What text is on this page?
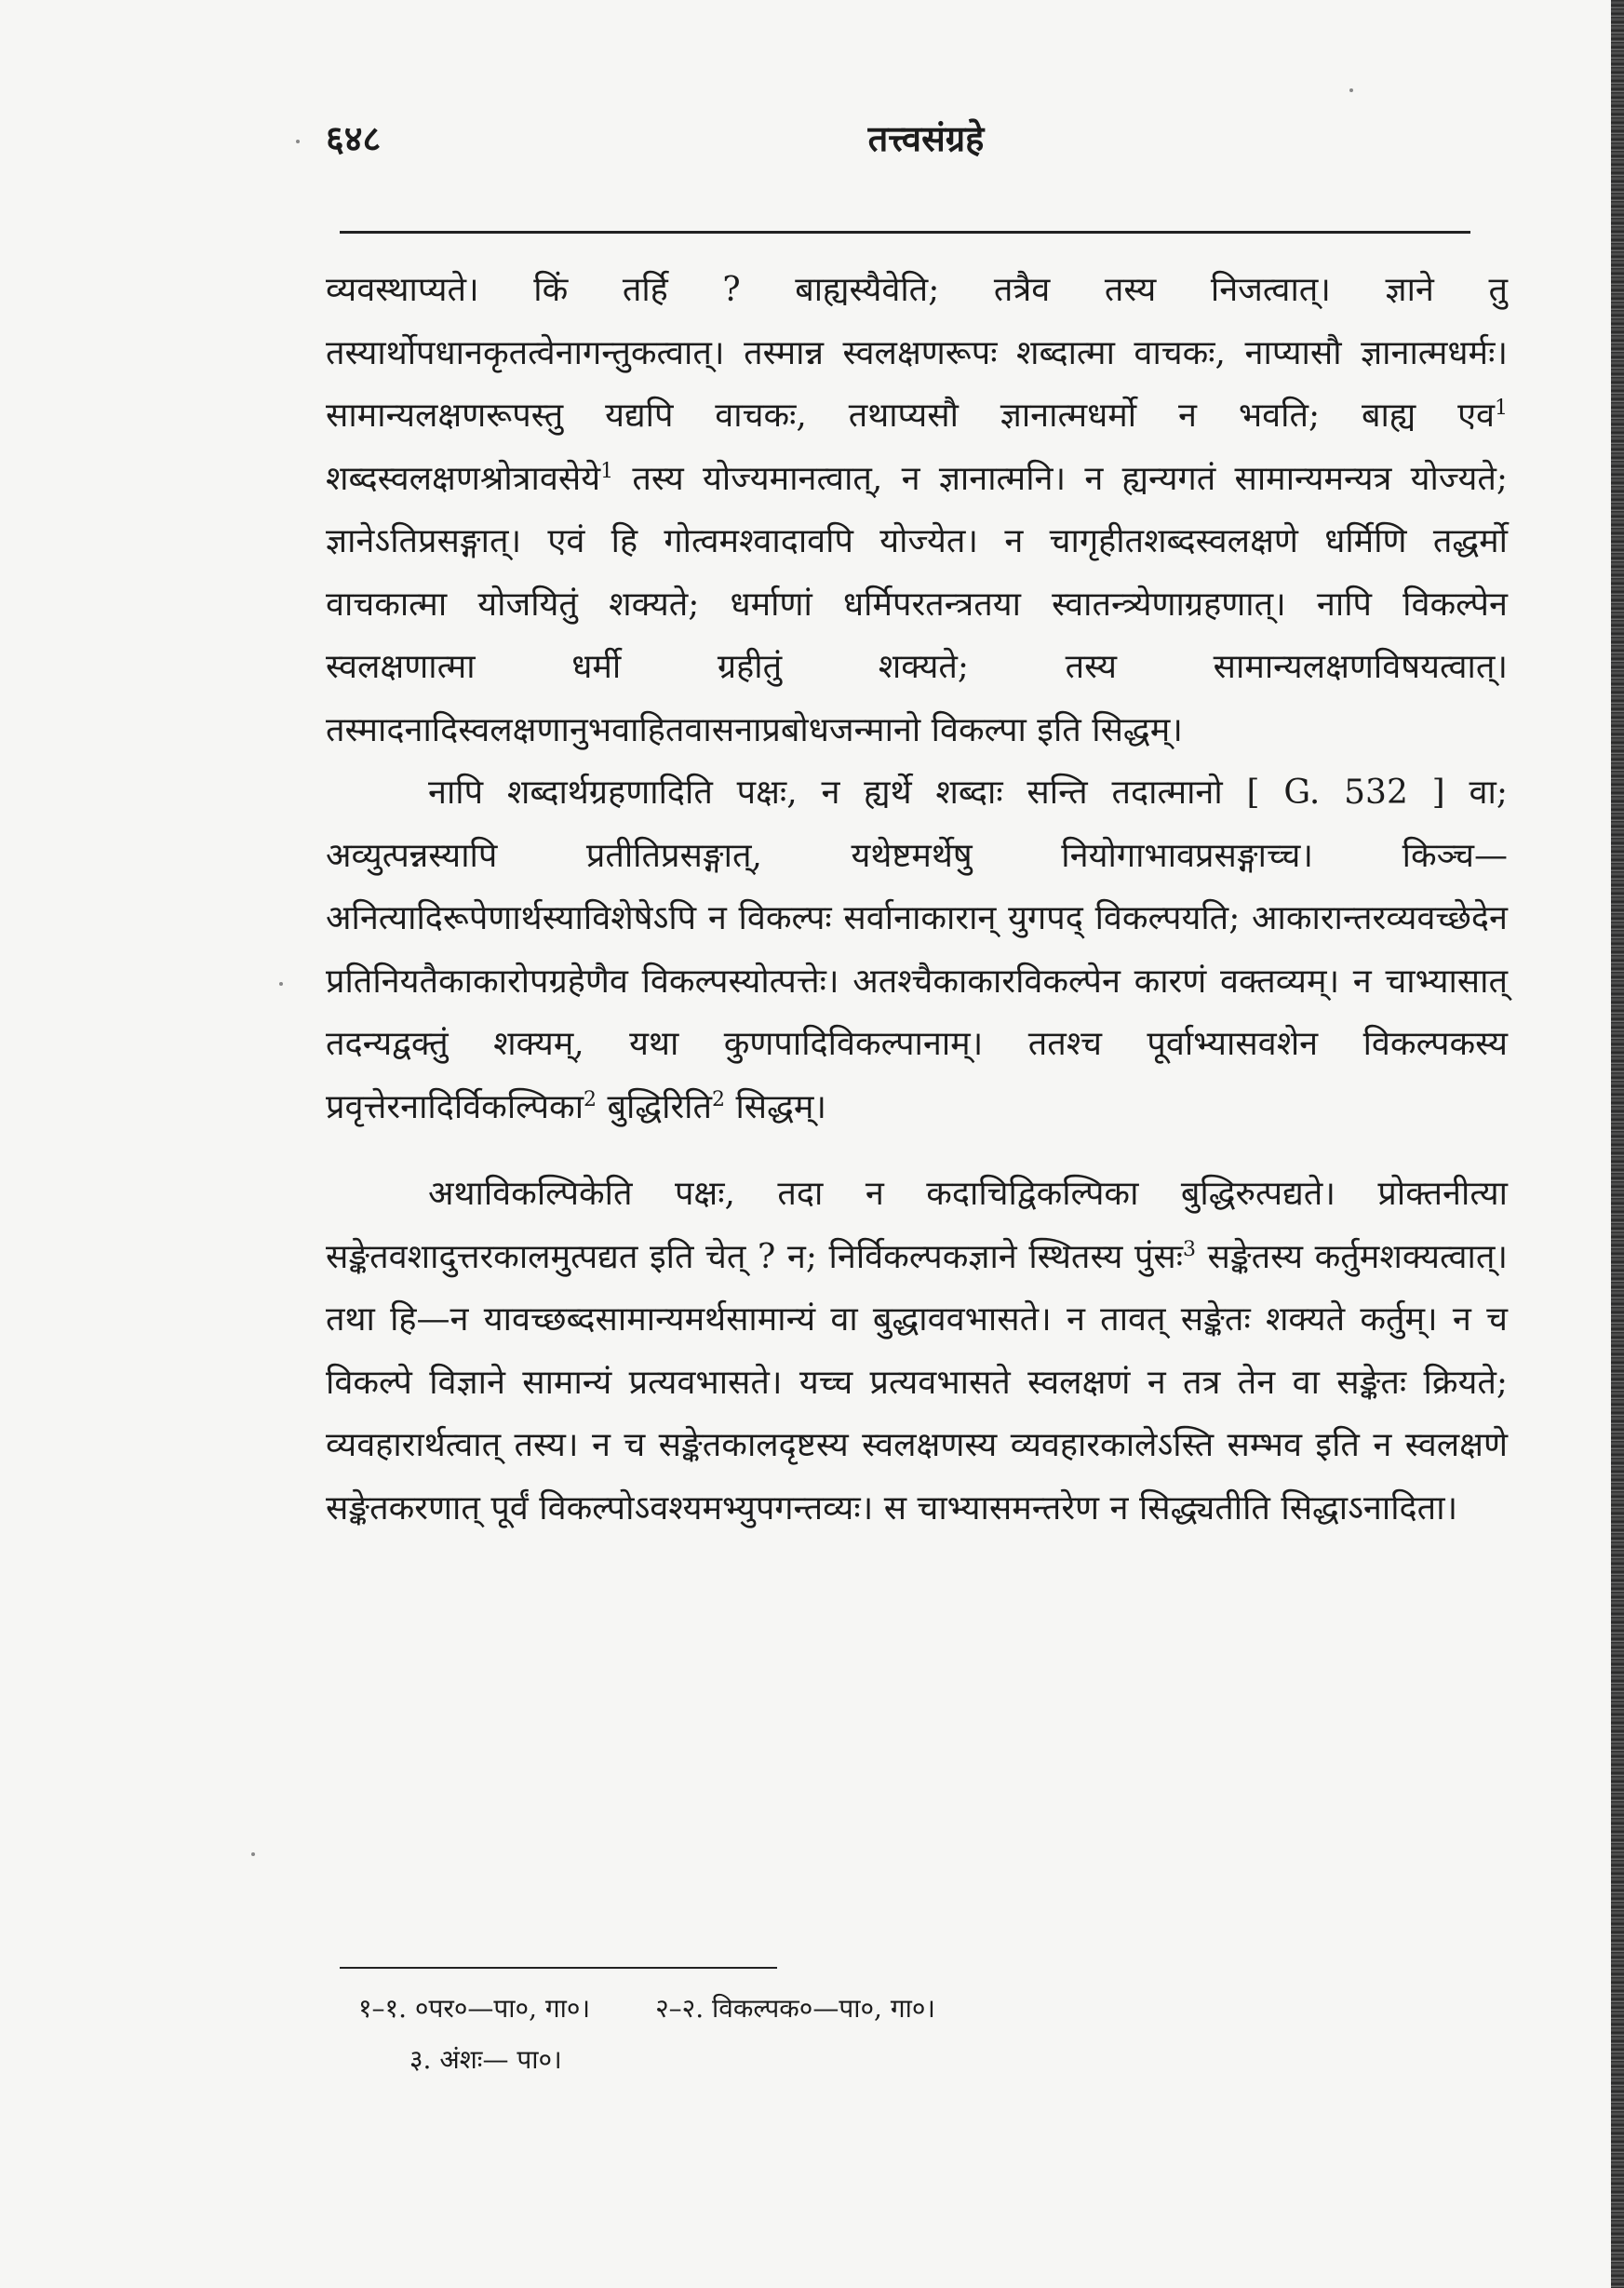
६४८	तत्त्वसंग्रहे

व्यवस्थाप्यते। किं तर्हि ? बाह्यस्यैवेति; तत्रैव तस्य निजत्वात्। ज्ञाने तु तस्यार्थोपधानकृतत्वेनागन्तुकत्वात्। तस्मान्न स्वलक्षणरूपः शब्दात्मा वाचकः, नाप्यासौ ज्ञानात्मधर्मः। सामान्यलक्षणरूपस्तु यद्यपि वाचकः, तथाप्यसौ ज्ञानात्मधर्मो न भवति; बाह्य एव$^1$ शब्दस्वलक्षणश्रोत्रावसेये$^1$ तस्य योज्यमानत्वात्, न ज्ञानात्मनि। न ह्यन्यगतं सामान्यमन्यत्र योज्यते; ज्ञानेऽतिप्रसङ्गात्। एवं हि गोत्वमश्वादावपि योज्येत। न चागृहीतशब्दस्वलक्षणे धर्मिणि तद्धर्मो वाचकात्मा योजयितुं शक्यते; धर्माणां धर्मिपरतन्त्रतया स्वातन्त्र्येणाग्रहणात्। नापि विकल्पेन स्वलक्षणात्मा धर्मी ग्रहीतुं शक्यते; तस्य सामान्यलक्षणविषयत्वात्। तस्मादनादिस्वलक्षणानुभवाहितवासनाप्रबोधजन्मानो विकल्पा इति सिद्धम्।

नापि शब्दार्थग्रहणादिति पक्षः, न ह्यर्थे शब्दाः सन्ति तदात्मानो [ G. 532 ] वा; अव्युत्पन्नस्यापि प्रतीतिप्रसङ्गात्, यथेष्टमर्थेषु नियोगाभावप्रसङ्गाच्च। किञ्च—अनित्यादिरूपेणार्थस्याविशेषेऽपि न विकल्पः सर्वानाकारान् युगपद् विकल्पयति; आकारान्तरव्यवच्छेदेन प्रतिनियतैकाकारोपग्रहेणैव विकल्पस्योत्पत्तेः। अतश्चैकाकारविकल्पेन कारणं वक्तव्यम्। न चाभ्यासात् तदन्यद्वक्तुं शक्यम्, यथा कुणपादिविकल्पानाम्। ततश्च पूर्वाभ्यासवशेन विकल्पकस्य प्रवृत्तेरनादिर्विकल्पिका$^2$ बुद्धिरिति$^2$ सिद्धम्।

अथाविकल्पिकेति पक्षः, तदा न कदाचिद्विकल्पिका बुद्धिरुत्पद्यते। प्रोक्तनीत्या सङ्केतवशादुत्तरकालमुत्पद्यत इति चेत् ? न; निर्विकल्पकज्ञाने स्थितस्य पुंसः$^3$ सङ्केतस्य कर्तुमशक्यत्वात्। तथा हि—न यावच्छब्दसामान्यमर्थसामान्यं वा बुद्धाववभासते। न तावत् सङ्केतः शक्यते कर्तुम्। न च विकल्पे विज्ञाने सामान्यं प्रत्यवभासते। यच्च प्रत्यवभासते स्वलक्षणं न तत्र तेन वा सङ्केतः क्रियते; व्यवहारार्थत्वात् तस्य। न च सङ्केतकालदृष्टस्य स्वलक्षणस्य व्यवहारकालेऽस्ति सम्भव इति न स्वलक्षणे सङ्केतकरणात् पूर्वं विकल्पोऽवश्यमभ्युपगन्तव्यः। स चाभ्यासमन्तरेण न सिद्ध्यतीति सिद्धाऽनादिता।

१–१. ०पर०—पा०, गा०।	२–२. विकल्पक०—पा०, गा०।
३. अंशः— पा०।
